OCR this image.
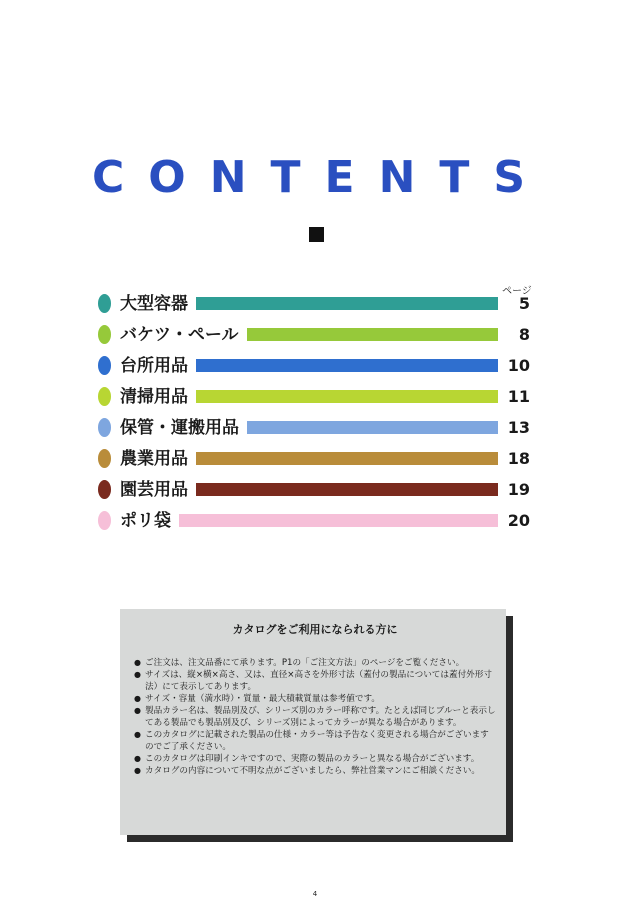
CONTENTS
ページ
大型容器	5
バケツ・ペール	8
台所用品	10
清掃用品	11
保管・運搬用品	13
農業用品	18
園芸用品	19
ポリ袋	20
カタログをご利用になられる方に
● ご注文は、注文品番にて承ります。P1の「ご注文方法」のページをご覧ください。
● サイズは、縦×横×高さ、又は、直径×高さを外形寸法（蓋付の製品については蓋付外形寸法）にて表示してあります。
● サイズ・容量（満水時）・質量・最大積載質量は参考値です。
● 製品カラー名は、製品別及び、シリーズ別のカラー呼称です。たとえば同じブルーと表示してある製品でも製品別及び、シリーズ別によってカラーが異なる場合があります。
● このカタログに記載された製品の仕様・カラー等は予告なく変更される場合がございますのでご了承ください。
● このカタログは印刷インキですので、実際の製品のカラーと異なる場合がございます。
● カタログの内容について不明な点がございましたら、弊社営業マンにご相談ください。
4
